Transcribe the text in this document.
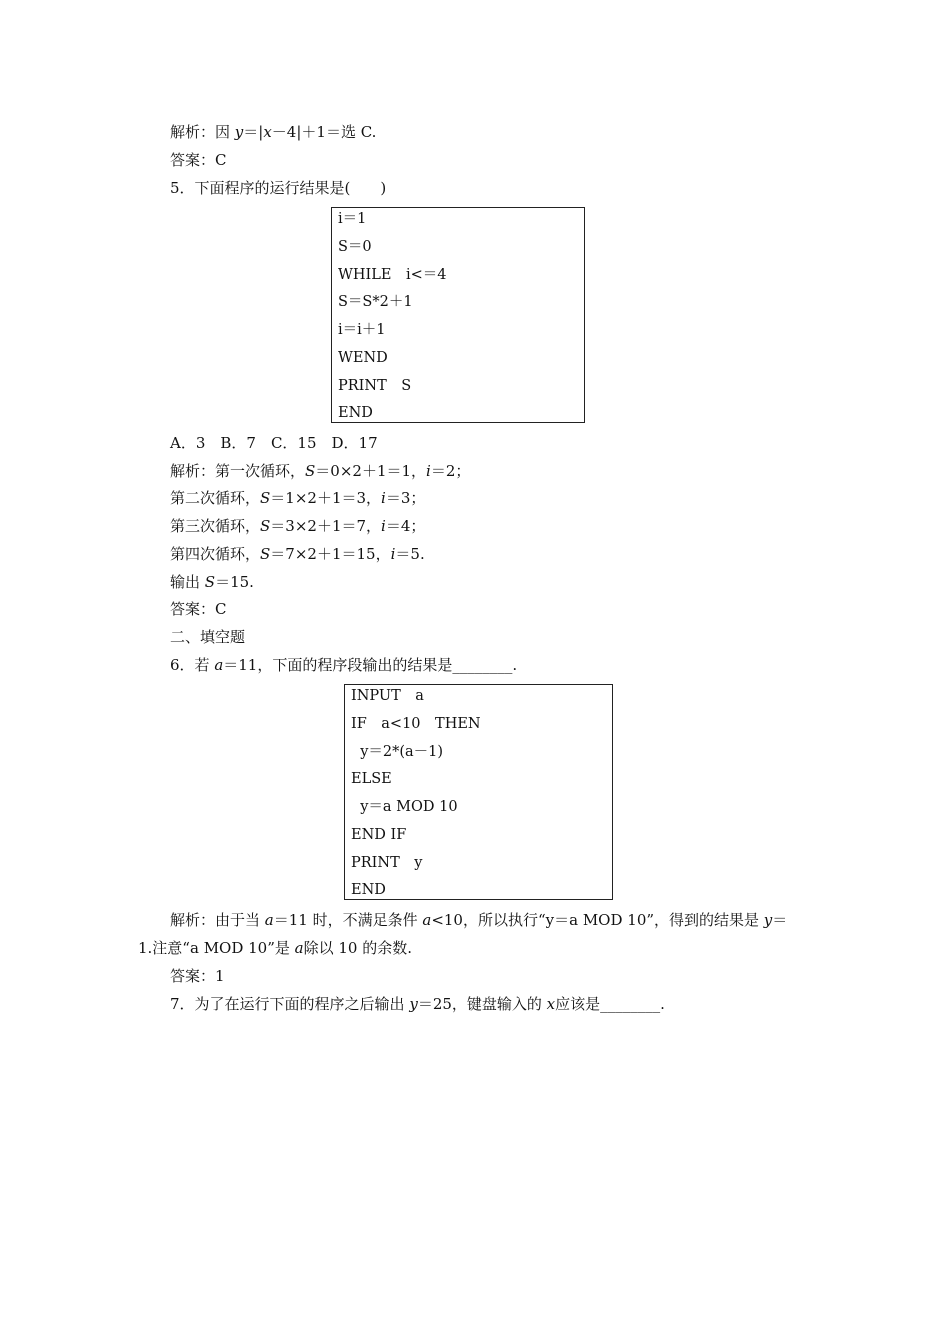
解析：因 y＝|x－4|＋1＝选 C.
答案：C
5．下面程序的运行结果是(　　)
i＝1
S＝0
WHILE　i<＝4
S＝S*2＋1
i＝i＋1
WEND
PRINT　S
END
A．3　B．7　C．15　D．17
解析：第一次循环，S＝0×2＋1＝1，i＝2；
第二次循环，S＝1×2＋1＝3，i＝3；
第三次循环，S＝3×2＋1＝7，i＝4；
第四次循环，S＝7×2＋1＝15，i＝5.
输出 S＝15.
答案：C
二、填空题
6．若 a＝11，下面的程序段输出的结果是________.
INPUT　a
IF　a<10　THEN
y＝2*(a－1)
ELSE
y＝a MOD 10
END IF
PRINT　y
END
解析：由于当 a＝11 时，不满足条件 a<10，所以执行“y＝a MOD 10”，得到的结果是 y＝
1.注意“a MOD 10”是 a除以 10 的余数.
答案：1
7．为了在运行下面的程序之后输出 y＝25，键盘输入的 x应该是________.
